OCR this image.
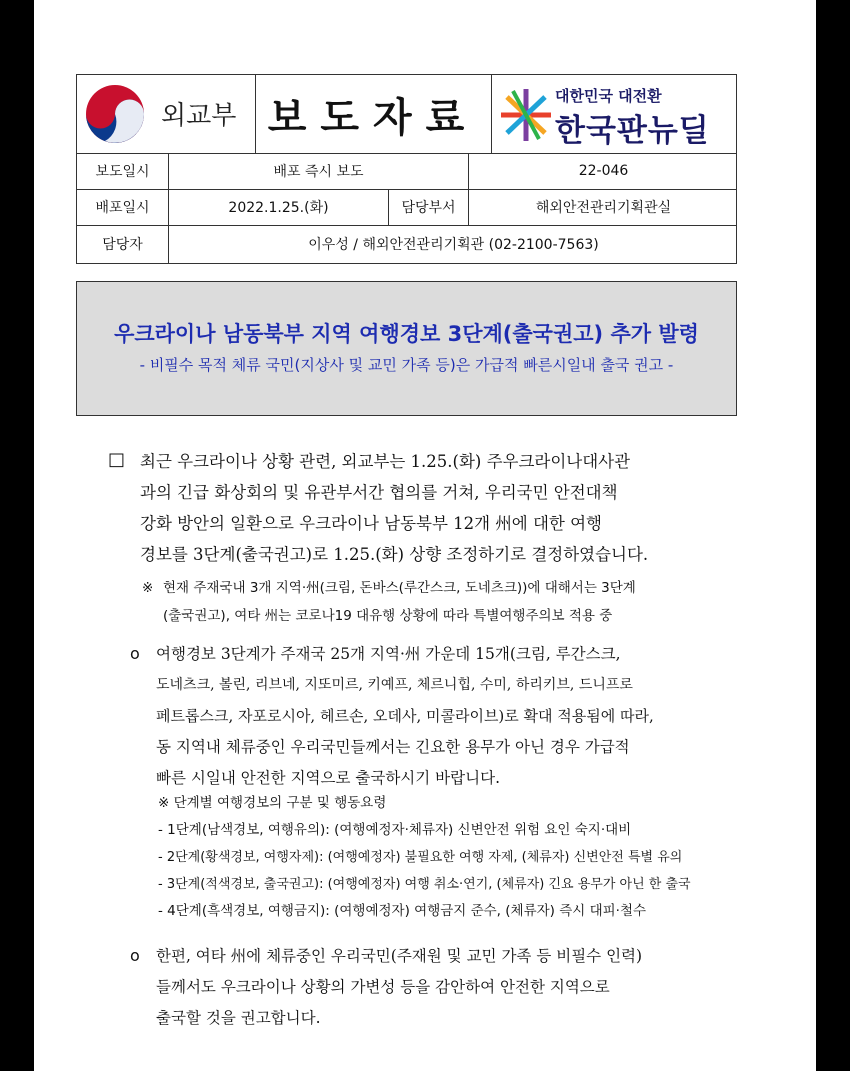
외교부 보도자료	대한민국 대전환
한국판뉴딜
보도일시	배포 즉시 보도	22-046
배포일시	2022.1.25.(화)	담당부서	해외안전관리기획관실
담당자	이우성 / 해외안전관리기획관 (02-2100-7563)
우크라이나 남동북부 지역 여행경보 3단계(출국권고) 추가 발령
- 비필수 목적 체류 국민(지상사 및 교민 가족 등)은 가급적 빠른시일내 출국 권고 -
□ 최근 우크라이나 상황 관련, 외교부는 1.25.(화) 주우크라이나대사관
과의 긴급 화상회의 및 유관부서간 협의를 거쳐, 우리국민 안전대책
강화 방안의 일환으로 우크라이나 남동북부 12개 州에 대한 여행
경보를 3단계(출국권고)로 1.25.(화) 상향 조정하기로 결정하였습니다.
※ 현재 주재국내 3개 지역·州(크림, 돈바스(루간스크, 도네츠크))에 대해서는 3단계
(출국권고), 여타 州는 코로나19 대유행 상황에 따라 특별여행주의보 적용 중
o 여행경보 3단계가 주재국 25개 지역·州 가운데 15개(크림, 루간스크,
도네츠크, 볼린, 리브네, 지또미르, 키예프, 체르니힙, 수미, 하리키브, 드니프로
페트롭스크, 자포로시아, 헤르손, 오데사, 미콜라이브)로 확대 적용됨에 따라,
동 지역내 체류중인 우리국민들께서는 긴요한 용무가 아닌 경우 가급적
빠른 시일내 안전한 지역으로 출국하시기 바랍니다.
※ 단계별 여행경보의 구분 및 행동요령
- 1단계(남색경보, 여행유의): (여행예정자·체류자) 신변안전 위험 요인 숙지·대비
- 2단계(황색경보, 여행자제): (여행예정자) 불필요한 여행 자제, (체류자) 신변안전 특별 유의
- 3단계(적색경보, 출국권고): (여행예정자) 여행 취소·연기, (체류자) 긴요 용무가 아닌 한 출국
- 4단계(흑색경보, 여행금지): (여행예정자) 여행금지 준수, (체류자) 즉시 대피·철수
o 한편, 여타 州에 체류중인 우리국민(주재원 및 교민 가족 등 비필수 인력)
들께서도 우크라이나 상황의 가변성 등을 감안하여 안전한 지역으로
출국할 것을 권고합니다.
